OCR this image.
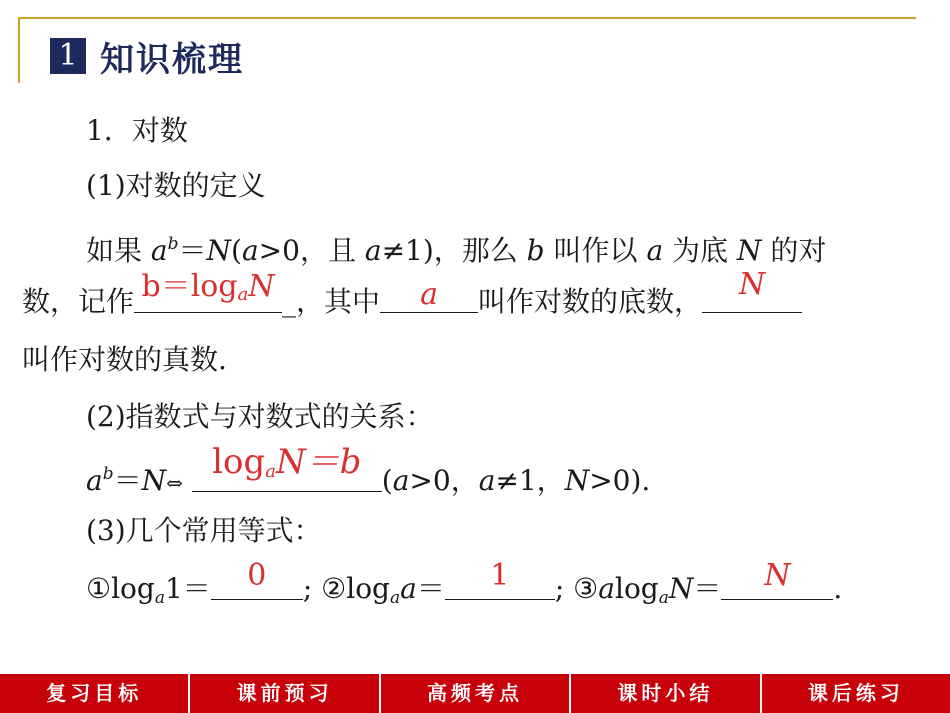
1 知识梳理
1．对数
(1)对数的定义
如果 $a^b=N(a>0$，且 a≠1)，那么 b 叫作以 a 为底 N 的对
数，记作 $b=\log_aN$ _，其中	a	叫作对数的底数，	N
叫作对数的真数.
(2)指数式与对数式的关系：
$a^b=N\Leftrightarrow$
$\log_aN=b$ (a>0，a≠1，N>0).
(3)几个常用等式：
$①\log_a1=$	0	; $②\log_aa=$	1	; ③alog$_a$N＝	N	.
复习目标	课前预习	高频考点	课时小结	课后练习
